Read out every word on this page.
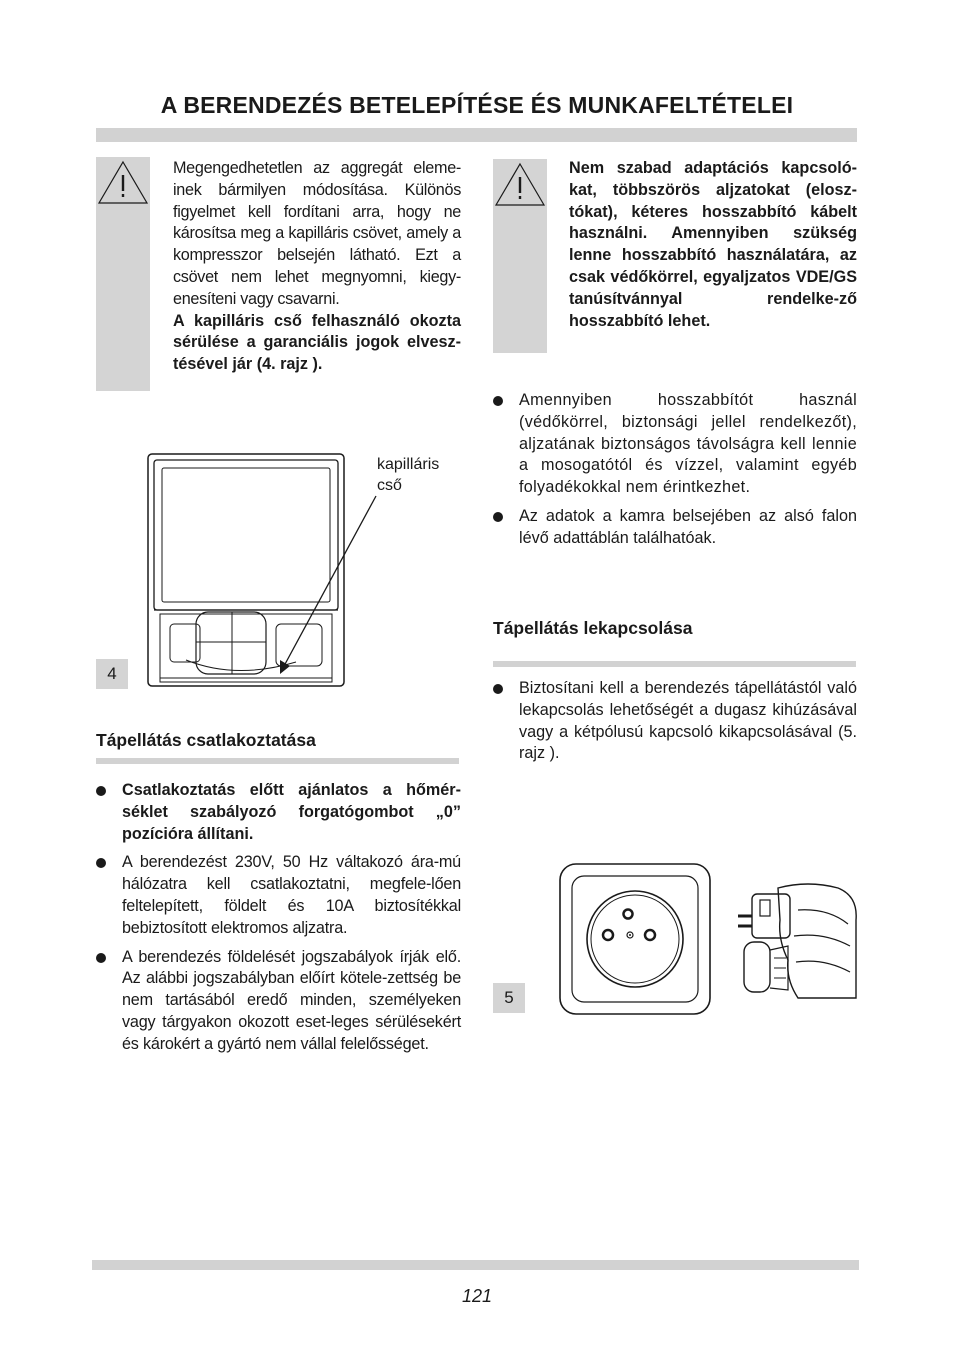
A BERENDEZÉS BETELEPÍTÉSE ÉS MUNKAFELTÉTELEI

Megengedhetetlen az aggregát eleme-inek bármilyen módosítása. Különös figyelmet kell fordítani arra, hogy ne károsítsa meg a kapilláris csövet, amely a kompresszor belsején látható. Ezt a csövet nem lehet megnyomni, kiegy-enesíteni vagy csavarni.

A kapilláris cső felhasználó okozta sérülése a garanciális jogok elvesz-tésével jár (4. rajz ).

Nem szabad adaptációs kapcsoló-kat, többszörös aljzatokat (elosz-tókat), kéteres hosszabbító kábelt használni. Amennyiben szükség lenne hosszabbító használatára, az csak védőkörrel, egyaljzatos VDE/GS tanúsítvánnyal rendelke-ző hosszabbító lehet.

Amennyiben hosszabbítót használ (védőkörrel, biztonsági jellel rendelkezőt), aljzatának biztonságos távolságra kell lennie a mosogatótól és vízzel, valamint egyéb folyadékokkal nem érintkezhet.
Az adatok a kamra belsejében az alsó falon lévő adattáblán találhatóak.
kapilláris cső
4
Tápellátás csatlakoztatása
Csatlakoztatás előtt ajánlatos a hőmér-séklet szabályozó forgatógombot „0” pozícióra állítani.
A berendezést 230V, 50 Hz váltakozó ára-mú hálózatra kell csatlakoztatni, megfele-lően feltelepített, földelt és 10A biztosítékkal bebiztosított elektromos aljzatra.
A berendezés földelését jogszabályok írják elő. Az alábbi jogszabályban előírt kötele-zettség be nem tartásából eredő minden, személyeken vagy tárgyakon okozott eset-leges sérülésekért és károkért a gyártó nem vállal felelősséget.
Tápellátás lekapcsolása
Biztosítani kell a berendezés tápellátástól való lekapcsolás lehetőségét a dugasz kihúzásával vagy a kétpólusú kapcsoló kikapcsolásával (5. rajz ).
5
121
